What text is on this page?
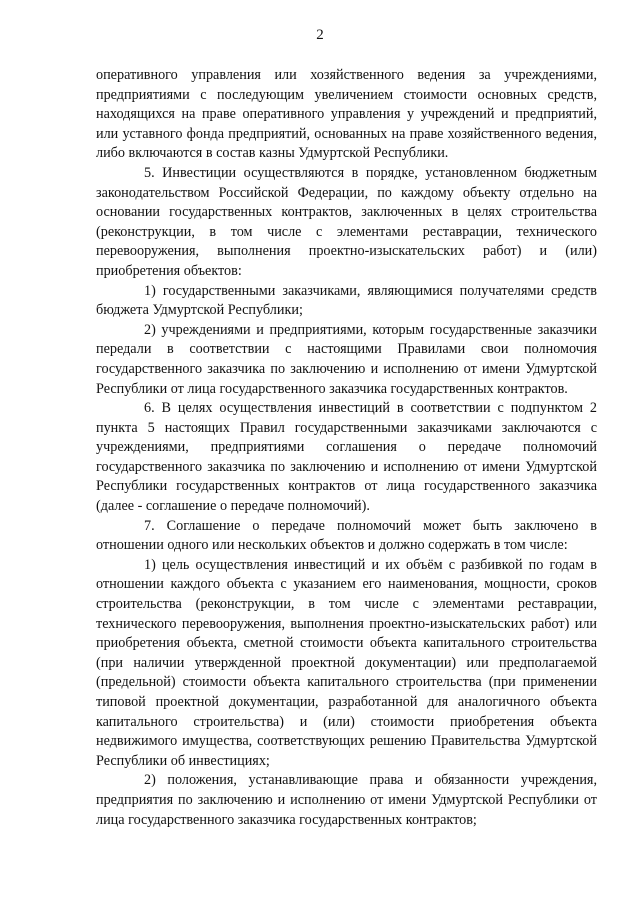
2

оперативного управления или хозяйственного ведения за учреждениями, предприятиями с последующим увеличением стоимости основных средств, находящихся на праве оперативного управления у учреждений и предприятий, или уставного фонда предприятий, основанных на праве хозяйственного ведения, либо включаются в состав казны Удмуртской Республики.

5. Инвестиции осуществляются в порядке, установленном бюджетным законодательством Российской Федерации, по каждому объекту отдельно на основании государственных контрактов, заключенных в целях строительства (реконструкции, в том числе с элементами реставрации, технического перевооружения, выполнения проектно-изыскательских работ) и (или) приобретения объектов:

1) государственными заказчиками, являющимися получателями средств бюджета Удмуртской Республики;

2) учреждениями и предприятиями, которым государственные заказчики передали в соответствии с настоящими Правилами свои полномочия государственного заказчика по заключению и исполнению от имени Удмуртской Республики от лица государственного заказчика государственных контрактов.

6. В целях осуществления инвестиций в соответствии с подпунктом 2 пункта 5 настоящих Правил государственными заказчиками заключаются с учреждениями, предприятиями соглашения о передаче полномочий государственного заказчика по заключению и исполнению от имени Удмуртской Республики государственных контрактов от лица государственного заказчика (далее - соглашение о передаче полномочий).

7. Соглашение о передаче полномочий может быть заключено в отношении одного или нескольких объектов и должно содержать в том числе:

1) цель осуществления инвестиций и их объём с разбивкой по годам в отношении каждого объекта с указанием его наименования, мощности, сроков строительства (реконструкции, в том числе с элементами реставрации, технического перевооружения, выполнения проектно-изыскательских работ) или приобретения объекта, сметной стоимости объекта капитального строительства (при наличии утвержденной проектной документации) или предполагаемой (предельной) стоимости объекта капитального строительства (при применении типовой проектной документации, разработанной для аналогичного объекта капитального строительства) и (или) стоимости приобретения объекта недвижимого имущества, соответствующих решению Правительства Удмуртской Республики об инвестициях;

2) положения, устанавливающие права и обязанности учреждения, предприятия по заключению и исполнению от имени Удмуртской Республики от лица государственного заказчика государственных контрактов;
